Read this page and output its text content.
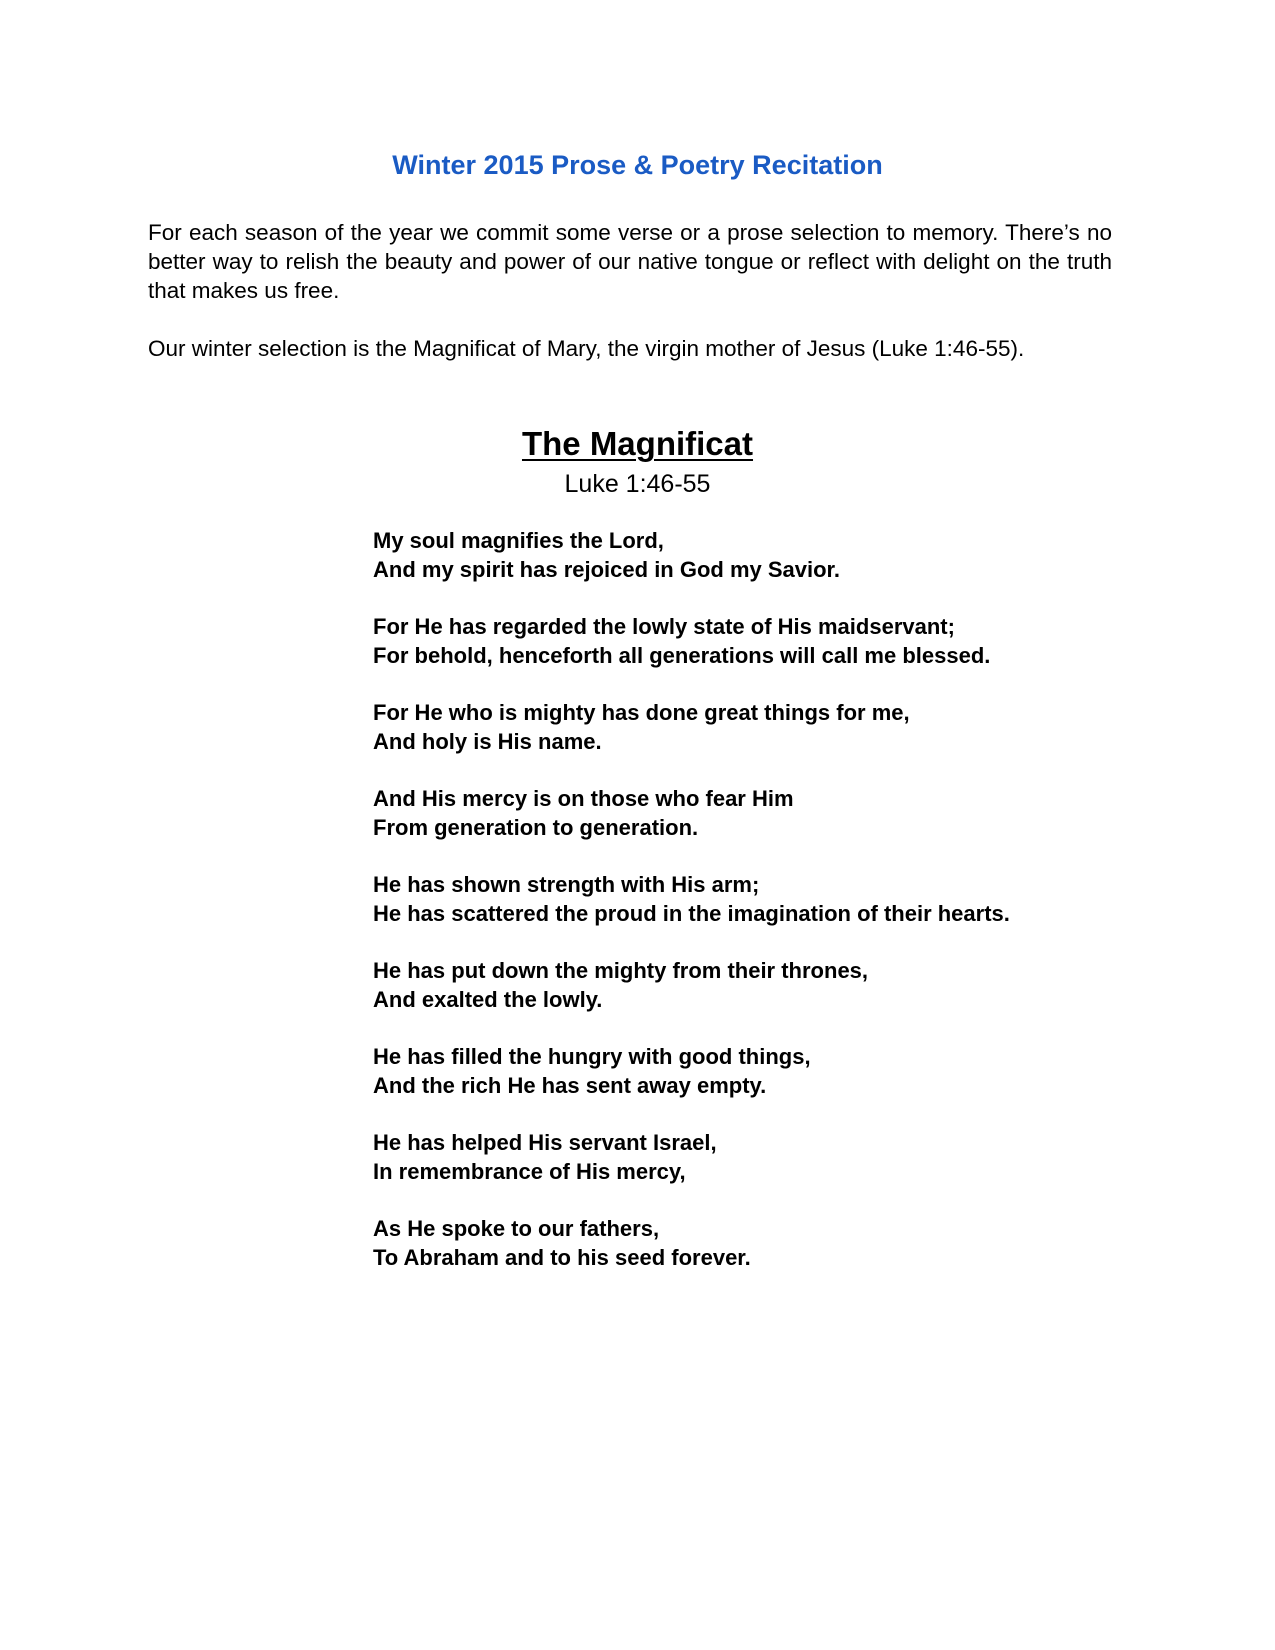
Winter 2015 Prose & Poetry Recitation

For each season of the year we commit some verse or a prose selection to memory. There’s no better way to relish the beauty and power of our native tongue or reflect with delight on the truth that makes us free.

Our winter selection is the Magnificat of Mary, the virgin mother of Jesus (Luke 1:46-55).

The Magnificat
Luke 1:46-55
My soul magnifies the Lord,
And my spirit has rejoiced in God my Savior.
For He has regarded the lowly state of His maidservant;
For behold, henceforth all generations will call me blessed.
For He who is mighty has done great things for me,
And holy is His name.
And His mercy is on those who fear Him
From generation to generation.
He has shown strength with His arm;
He has scattered the proud in the imagination of their hearts.
He has put down the mighty from their thrones,
And exalted the lowly.
He has filled the hungry with good things,
And the rich He has sent away empty.
He has helped His servant Israel,
In remembrance of His mercy,
As He spoke to our fathers,
To Abraham and to his seed forever.
